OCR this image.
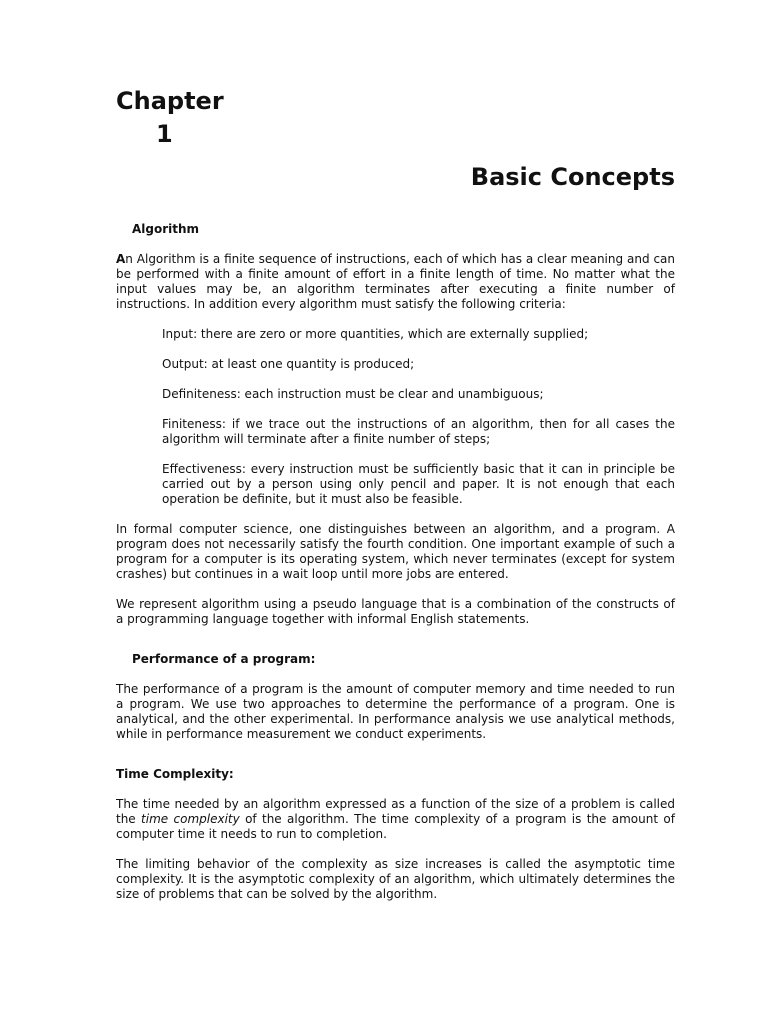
Chapter
1
Basic Concepts
Algorithm

An Algorithm is a finite sequence of instructions, each of which has a clear meaning and can be performed with a finite amount of effort in a finite length of time. No matter what the input values may be, an algorithm terminates after executing a finite number of instructions. In addition every algorithm must satisfy the following criteria:

Input: there are zero or more quantities, which are externally supplied;
Output: at least one quantity is produced;
Definiteness: each instruction must be clear and unambiguous;
Finiteness: if we trace out the instructions of an algorithm, then for all cases the algorithm will terminate after a finite number of steps;
Effectiveness: every instruction must be sufficiently basic that it can in principle be carried out by a person using only pencil and paper. It is not enough that each operation be definite, but it must also be feasible.

In formal computer science, one distinguishes between an algorithm, and a program. A program does not necessarily satisfy the fourth condition. One important example of such a program for a computer is its operating system, which never terminates (except for system crashes) but continues in a wait loop until more jobs are entered.

We represent algorithm using a pseudo language that is a combination of the constructs of a programming language together with informal English statements.

Performance of a program:

The performance of a program is the amount of computer memory and time needed to run a program. We use two approaches to determine the performance of a program. One is analytical, and the other experimental. In performance analysis we use analytical methods, while in performance measurement we conduct experiments.

Time Complexity:

The time needed by an algorithm expressed as a function of the size of a problem is called the time complexity of the algorithm. The time complexity of a program is the amount of computer time it needs to run to completion.

The limiting behavior of the complexity as size increases is called the asymptotic time complexity. It is the asymptotic complexity of an algorithm, which ultimately determines the size of problems that can be solved by the algorithm.
